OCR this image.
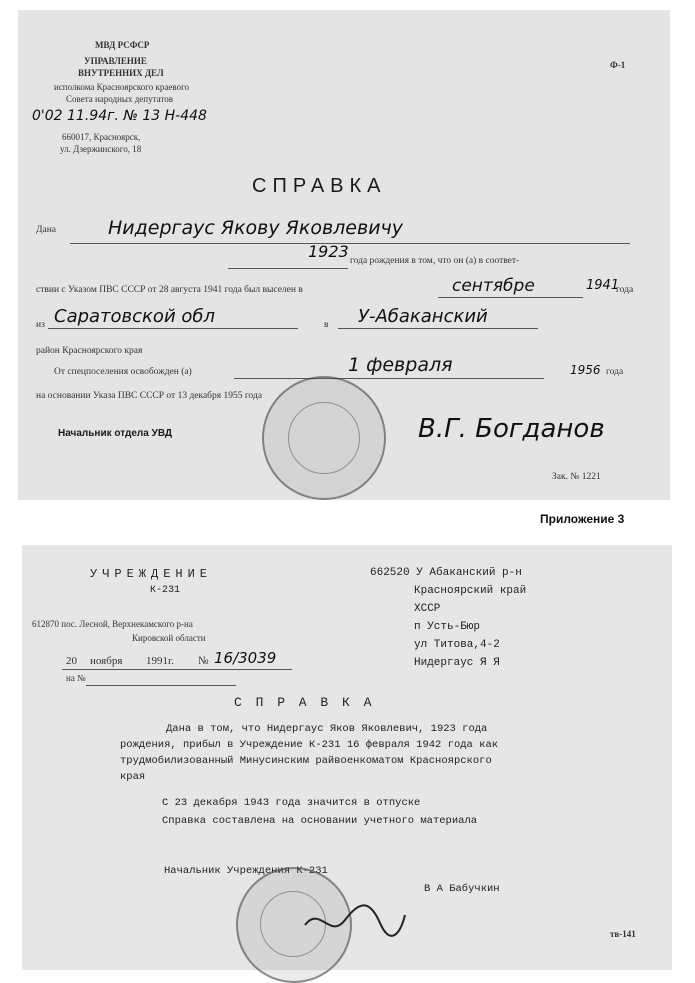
МВД РСФСР
УПРАВЛЕНИЕ
ВНУТРЕННИХ ДЕЛ
исполкома Красноярского краевого
Совета народных депутатов
0'02 11.94г. № 13 H-448
660017, Красноярск,
ул. Дзержинского, 18
Ф-1
СПРАВКА
Дана	Нидергаус Якову Яковлевичу
1923 года рождения в том, что он (а) в соответ-
ствии с Указом ПВС СССР от 28 августа 1941 года был выселен в	сентябре	1941
года
из Саратовской обл	в У-Абаканский
район Красноярского края
От спецпоселения освобожден (а)	1 февраля	1956 года
на основании Указа ПВС СССР от 13 декабря 1955 года
Начальник отдела УВД	В.Г. Богданов
Зак. № 1221
Приложение 3
УЧРЕЖДЕНИЕ
К-231
612870 пос. Лесной, Верхнекамского р-на
Кировской области
20 ноября 1991г. № 16/3039
на №
662520 У Абаканский р-н
Красноярский край
ХССР
п Усть-Бюр
ул Титова,4-2
Нидергаус Я Я
С П Р А В К А
Дана в том, что Нидергаус Яков Яковлевич, 1923 года
рождения, прибыл в Учреждение К-231 16 февраля 1942 года как
трудмобилизованный Минусинским райвоенкоматом Красноярского
края
С 23 декабря 1943 года значится в отпуске
Справка составлена на основании учетного материала
Начальник Учреждения К-231
В А Бабучкин
тв-141
